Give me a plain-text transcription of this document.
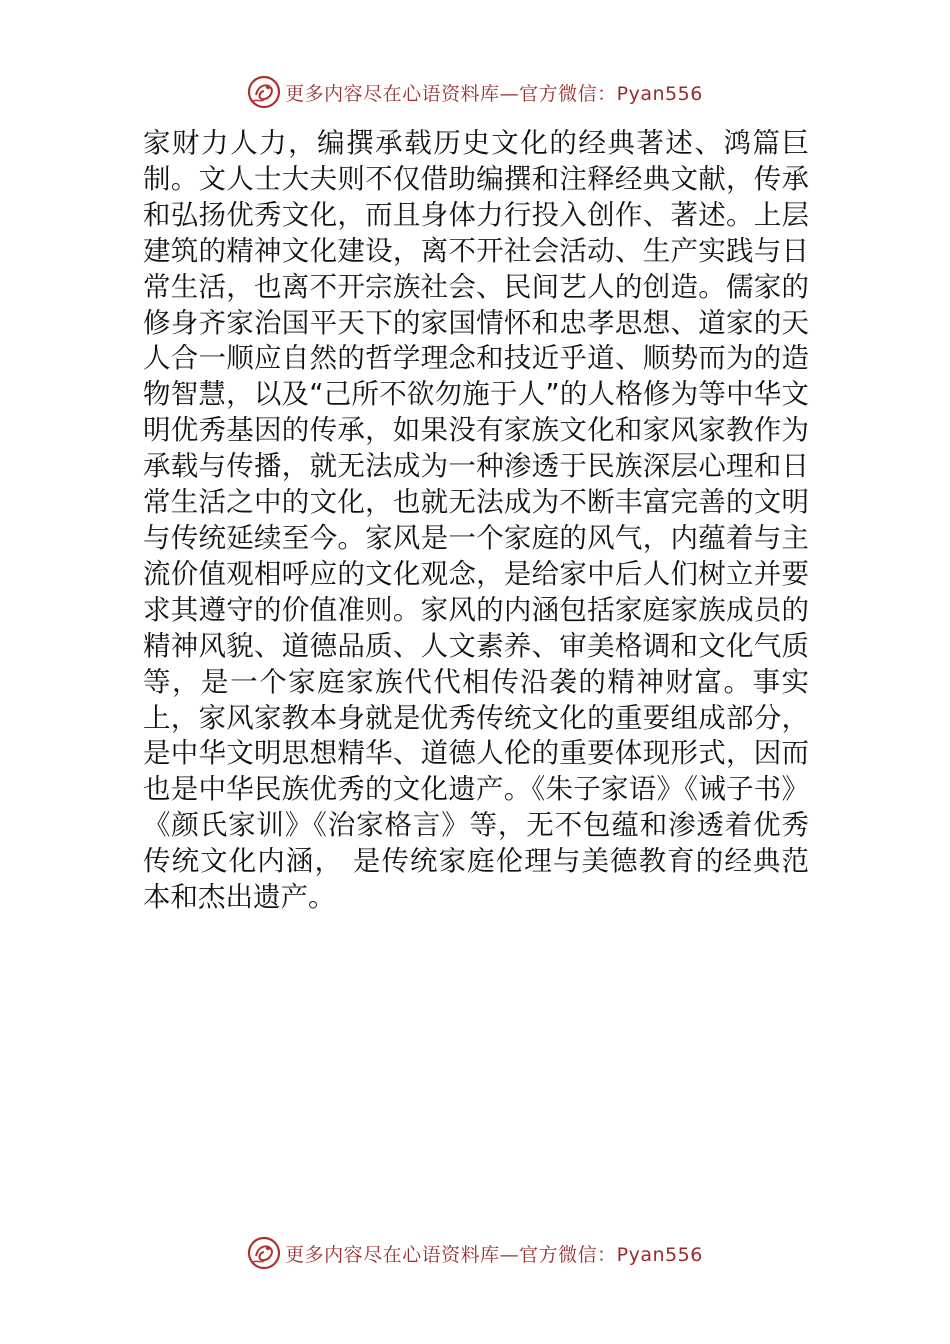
更多内容尽在心语资料库—官方微信：Pyan556

家财力人力，编撰承载历史文化的经典著述、鸿篇巨制。文人士大夫则不仅借助编撰和注释经典文献，传承和弘扬优秀文化，而且身体力行投入创作、著述。上层建筑的精神文化建设，离不开社会活动、生产实践与日常生活，也离不开宗族社会、民间艺人的创造。儒家的修身齐家治国平天下的家国情怀和忠孝思想、道家的天人合一顺应自然的哲学理念和技近乎道、顺势而为的造物智慧，以及“己所不欲勿施于人”的人格修为等中华文明优秀基因的传承，如果没有家族文化和家风家教作为承载与传播，就无法成为一种渗透于民族深层心理和日常生活之中的文化，也就无法成为不断丰富完善的文明与传统延续至今。家风是一个家庭的风气，内蕴着与主流价值观相呼应的文化观念，是给家中后人们树立并要求其遵守的价值准则。家风的内涵包括家庭家族成员的精神风貌、道德品质、人文素养、审美格调和文化气质等，是一个家庭家族代代相传沿袭的精神财富。事实上，家风家教本身就是优秀传统文化的重要组成部分，是中华文明思想精华、道德人伦的重要体现形式，因而也是中华民族优秀的文化遗产。《朱子家语》《诫子书》《颜氏家训》《治家格言》等，无不包蕴和渗透着优秀传统文化内涵， 是传统家庭伦理与美德教育的经典范本和杰出遗产。

更多内容尽在心语资料库—官方微信：Pyan556
